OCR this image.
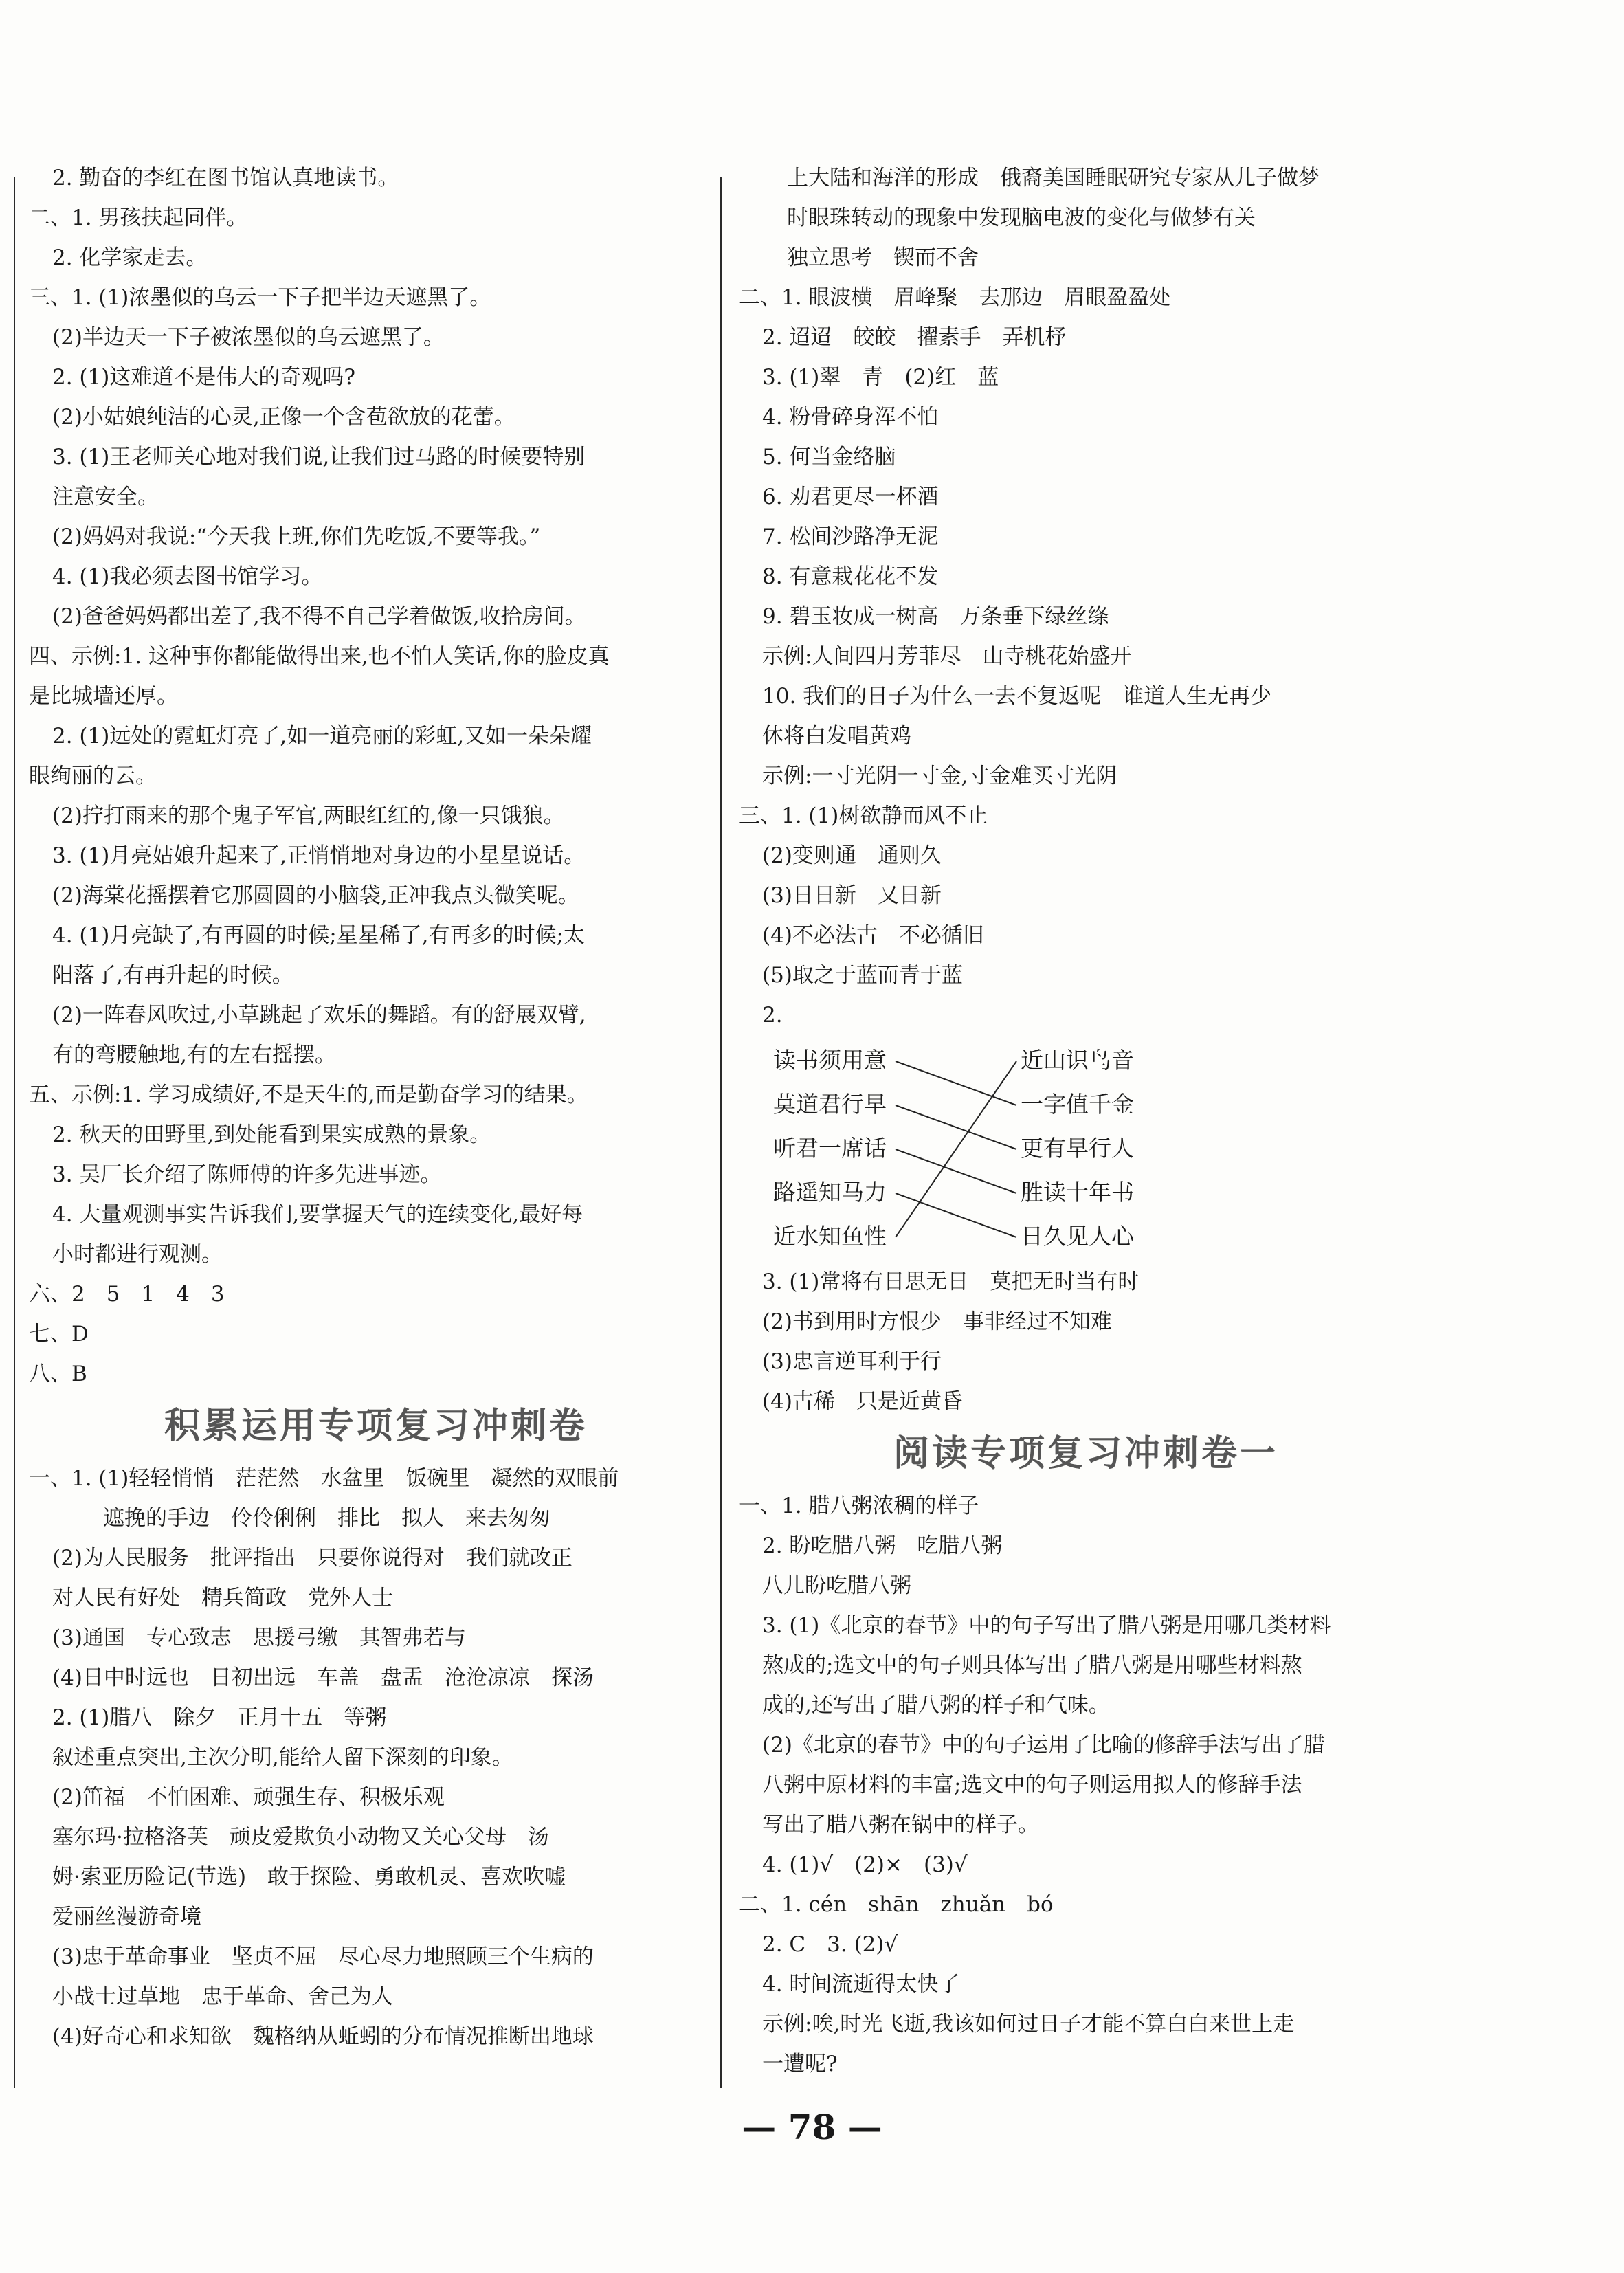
2. 勤奋的李红在图书馆认真地读书。
二、1. 男孩扶起同伴。
2. 化学家走去。
三、1. (1)浓墨似的乌云一下子把半边天遮黑了。
(2)半边天一下子被浓墨似的乌云遮黑了。
2. (1)这难道不是伟大的奇观吗?
(2)小姑娘纯洁的心灵,正像一个含苞欲放的花蕾。
3. (1)王老师关心地对我们说,让我们过马路的时候要特别
注意安全。
(2)妈妈对我说:“今天我上班,你们先吃饭,不要等我。”
4. (1)我必须去图书馆学习。
(2)爸爸妈妈都出差了,我不得不自己学着做饭,收拾房间。
四、示例:1. 这种事你都能做得出来,也不怕人笑话,你的脸皮真
是比城墙还厚。
2. (1)远处的霓虹灯亮了,如一道亮丽的彩虹,又如一朵朵耀
眼绚丽的云。
(2)拧打雨来的那个鬼子军官,两眼红红的,像一只饿狼。
3. (1)月亮姑娘升起来了,正悄悄地对身边的小星星说话。
(2)海棠花摇摆着它那圆圆的小脑袋,正冲我点头微笑呢。
4. (1)月亮缺了,有再圆的时候;星星稀了,有再多的时候;太
阳落了,有再升起的时候。
(2)一阵春风吹过,小草跳起了欢乐的舞蹈。有的舒展双臂,
有的弯腰触地,有的左右摇摆。
五、示例:1. 学习成绩好,不是天生的,而是勤奋学习的结果。
2. 秋天的田野里,到处能看到果实成熟的景象。
3. 吴厂长介绍了陈师傅的许多先进事迹。
4. 大量观测事实告诉我们,要掌握天气的连续变化,最好每
小时都进行观测。
六、2　5　1　4　3
七、D
八、B
积累运用专项复习冲刺卷
一、1. (1)轻轻悄悄　茫茫然　水盆里　饭碗里　凝然的双眼前
遮挽的手边　伶伶俐俐　排比　拟人　来去匆匆
(2)为人民服务　批评指出　只要你说得对　我们就改正
对人民有好处　精兵简政　党外人士
(3)通国　专心致志　思援弓缴　其智弗若与
(4)日中时远也　日初出远　车盖　盘盂　沧沧凉凉　探汤
2. (1)腊八　除夕　正月十五　等粥
叙述重点突出,主次分明,能给人留下深刻的印象。
(2)笛福　不怕困难、顽强生存、积极乐观
塞尔玛·拉格洛芙　顽皮爱欺负小动物又关心父母　汤
姆·索亚历险记(节选)　敢于探险、勇敢机灵、喜欢吹嘘
爱丽丝漫游奇境
(3)忠于革命事业　坚贞不屈　尽心尽力地照顾三个生病的
小战士过草地　忠于革命、舍己为人
(4)好奇心和求知欲　魏格纳从蚯蚓的分布情况推断出地球
上大陆和海洋的形成　俄裔美国睡眠研究专家从儿子做梦
时眼珠转动的现象中发现脑电波的变化与做梦有关
独立思考　锲而不舍
二、1. 眼波横　眉峰聚　去那边　眉眼盈盈处
2. 迢迢　皎皎　擢素手　弄机杼
3. (1)翠　青　(2)红　蓝
4. 粉骨碎身浑不怕
5. 何当金络脑
6. 劝君更尽一杯酒
7. 松间沙路净无泥
8. 有意栽花花不发
9. 碧玉妆成一树高　万条垂下绿丝绦
示例:人间四月芳菲尽　山寺桃花始盛开
10. 我们的日子为什么一去不复返呢　谁道人生无再少
休将白发唱黄鸡
示例:一寸光阴一寸金,寸金难买寸光阴
三、1. (1)树欲静而风不止
(2)变则通　通则久
(3)日日新　又日新
(4)不必法古　不必循旧
(5)取之于蓝而青于蓝
2.
读书须用意
莫道君行早
听君一席话
路遥知马力
近水知鱼性
近山识鸟音
一字值千金
更有早行人
胜读十年书
日久见人心
3. (1)常将有日思无日　莫把无时当有时
(2)书到用时方恨少　事非经过不知难
(3)忠言逆耳利于行
(4)古稀　只是近黄昏
阅读专项复习冲刺卷一
一、1. 腊八粥浓稠的样子
2. 盼吃腊八粥　吃腊八粥
八儿盼吃腊八粥
3. (1)《北京的春节》中的句子写出了腊八粥是用哪几类材料
熬成的;选文中的句子则具体写出了腊八粥是用哪些材料熬
成的,还写出了腊八粥的样子和气味。
(2)《北京的春节》中的句子运用了比喻的修辞手法写出了腊
八粥中原材料的丰富;选文中的句子则运用拟人的修辞手法
写出了腊八粥在锅中的样子。
4. (1)√　(2)×　(3)√
二、1. cén　shān　zhuǎn　bó
2. C　3. (2)√
4. 时间流逝得太快了
示例:唉,时光飞逝,我该如何过日子才能不算白白来世上走
一遭呢?
— 78 —
